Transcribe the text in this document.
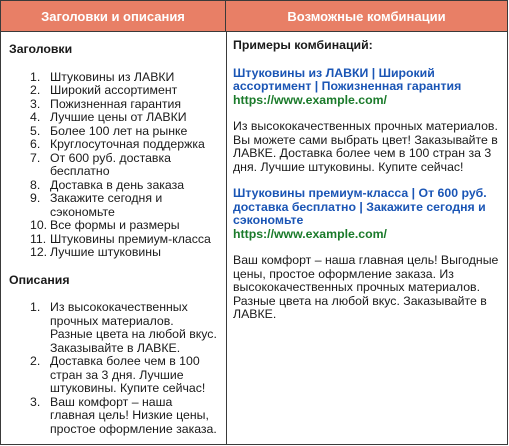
Заголовки и описания	Возможные комбинации

Заголовки

1. Штуковины из ЛАВКИ
2. Широкий ассортимент
3. Пожизненная гарантия
4. Лучшие цены от ЛАВКИ
5. Более 100 лет на рынке
6. Круглосуточная поддержка
7. От 600 руб. доставка бесплатно
8. Доставка в день заказа
9. Закажите сегодня и сэкономьте
10. Все формы и размеры
11. Штуковины премиум-класса
12. Лучшие штуковины

Описания

1. Из высококачественных прочных материалов. Разные цвета на любой вкус. Заказывайте в ЛАВКЕ.
2. Доставка более чем в 100 стран за 3 дня. Лучшие штуковины. Купите сейчас!
3. Ваш комфорт – наша главная цель! Низкие цены, простое оформление заказа.

Примеры комбинаций:

Штуковины из ЛАВКИ | Широкий ассортимент | Пожизненная гарантия

https://www.example.com/

Из высококачественных прочных материалов. Вы можете сами выбрать цвет! Заказывайте в ЛАВКЕ. Доставка более чем в 100 стран за 3 дня. Лучшие штуковины. Купите сейчас!

Штуковины премиум-класса | От 600 руб. доставка бесплатно | Закажите сегодня и сэкономьте

https://www.example.com/

Ваш комфорт – наша главная цель! Выгодные цены, простое оформление заказа. Из высококачественных прочных материалов. Разные цвета на любой вкус. Заказывайте в ЛАВКЕ.
